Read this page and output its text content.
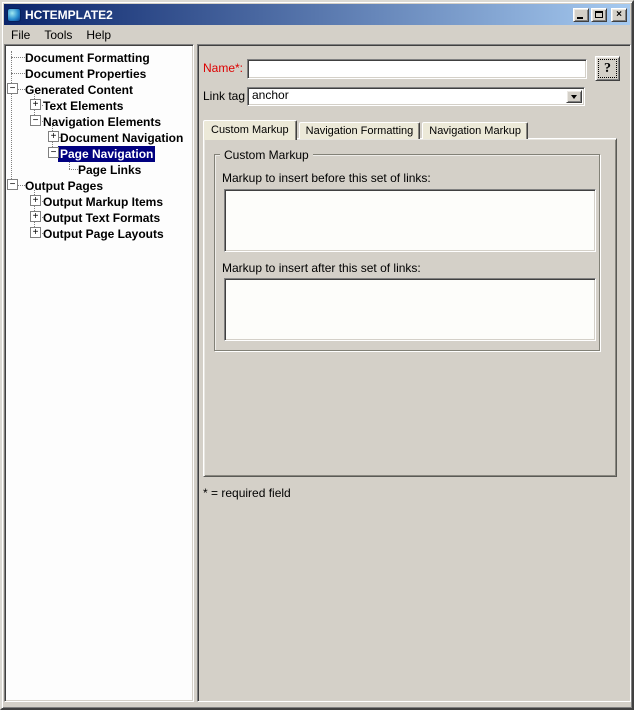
HCTEMPLATE2	×
File	Tools	Help
Document Formatting
Document Properties
− Generated Content
+ Text Elements
− Navigation Elements
+ Document Navigation
− Page Navigation
Page Links
− Output Pages
+ Output Markup Items
+ Output Text Formats
+ Output Page Layouts
Name*:	?
Link tag anchor
Custom Markup	Navigation Formatting	Navigation Markup
Custom Markup
Markup to insert before this set of links:
Markup to insert after this set of links:
* = required field
